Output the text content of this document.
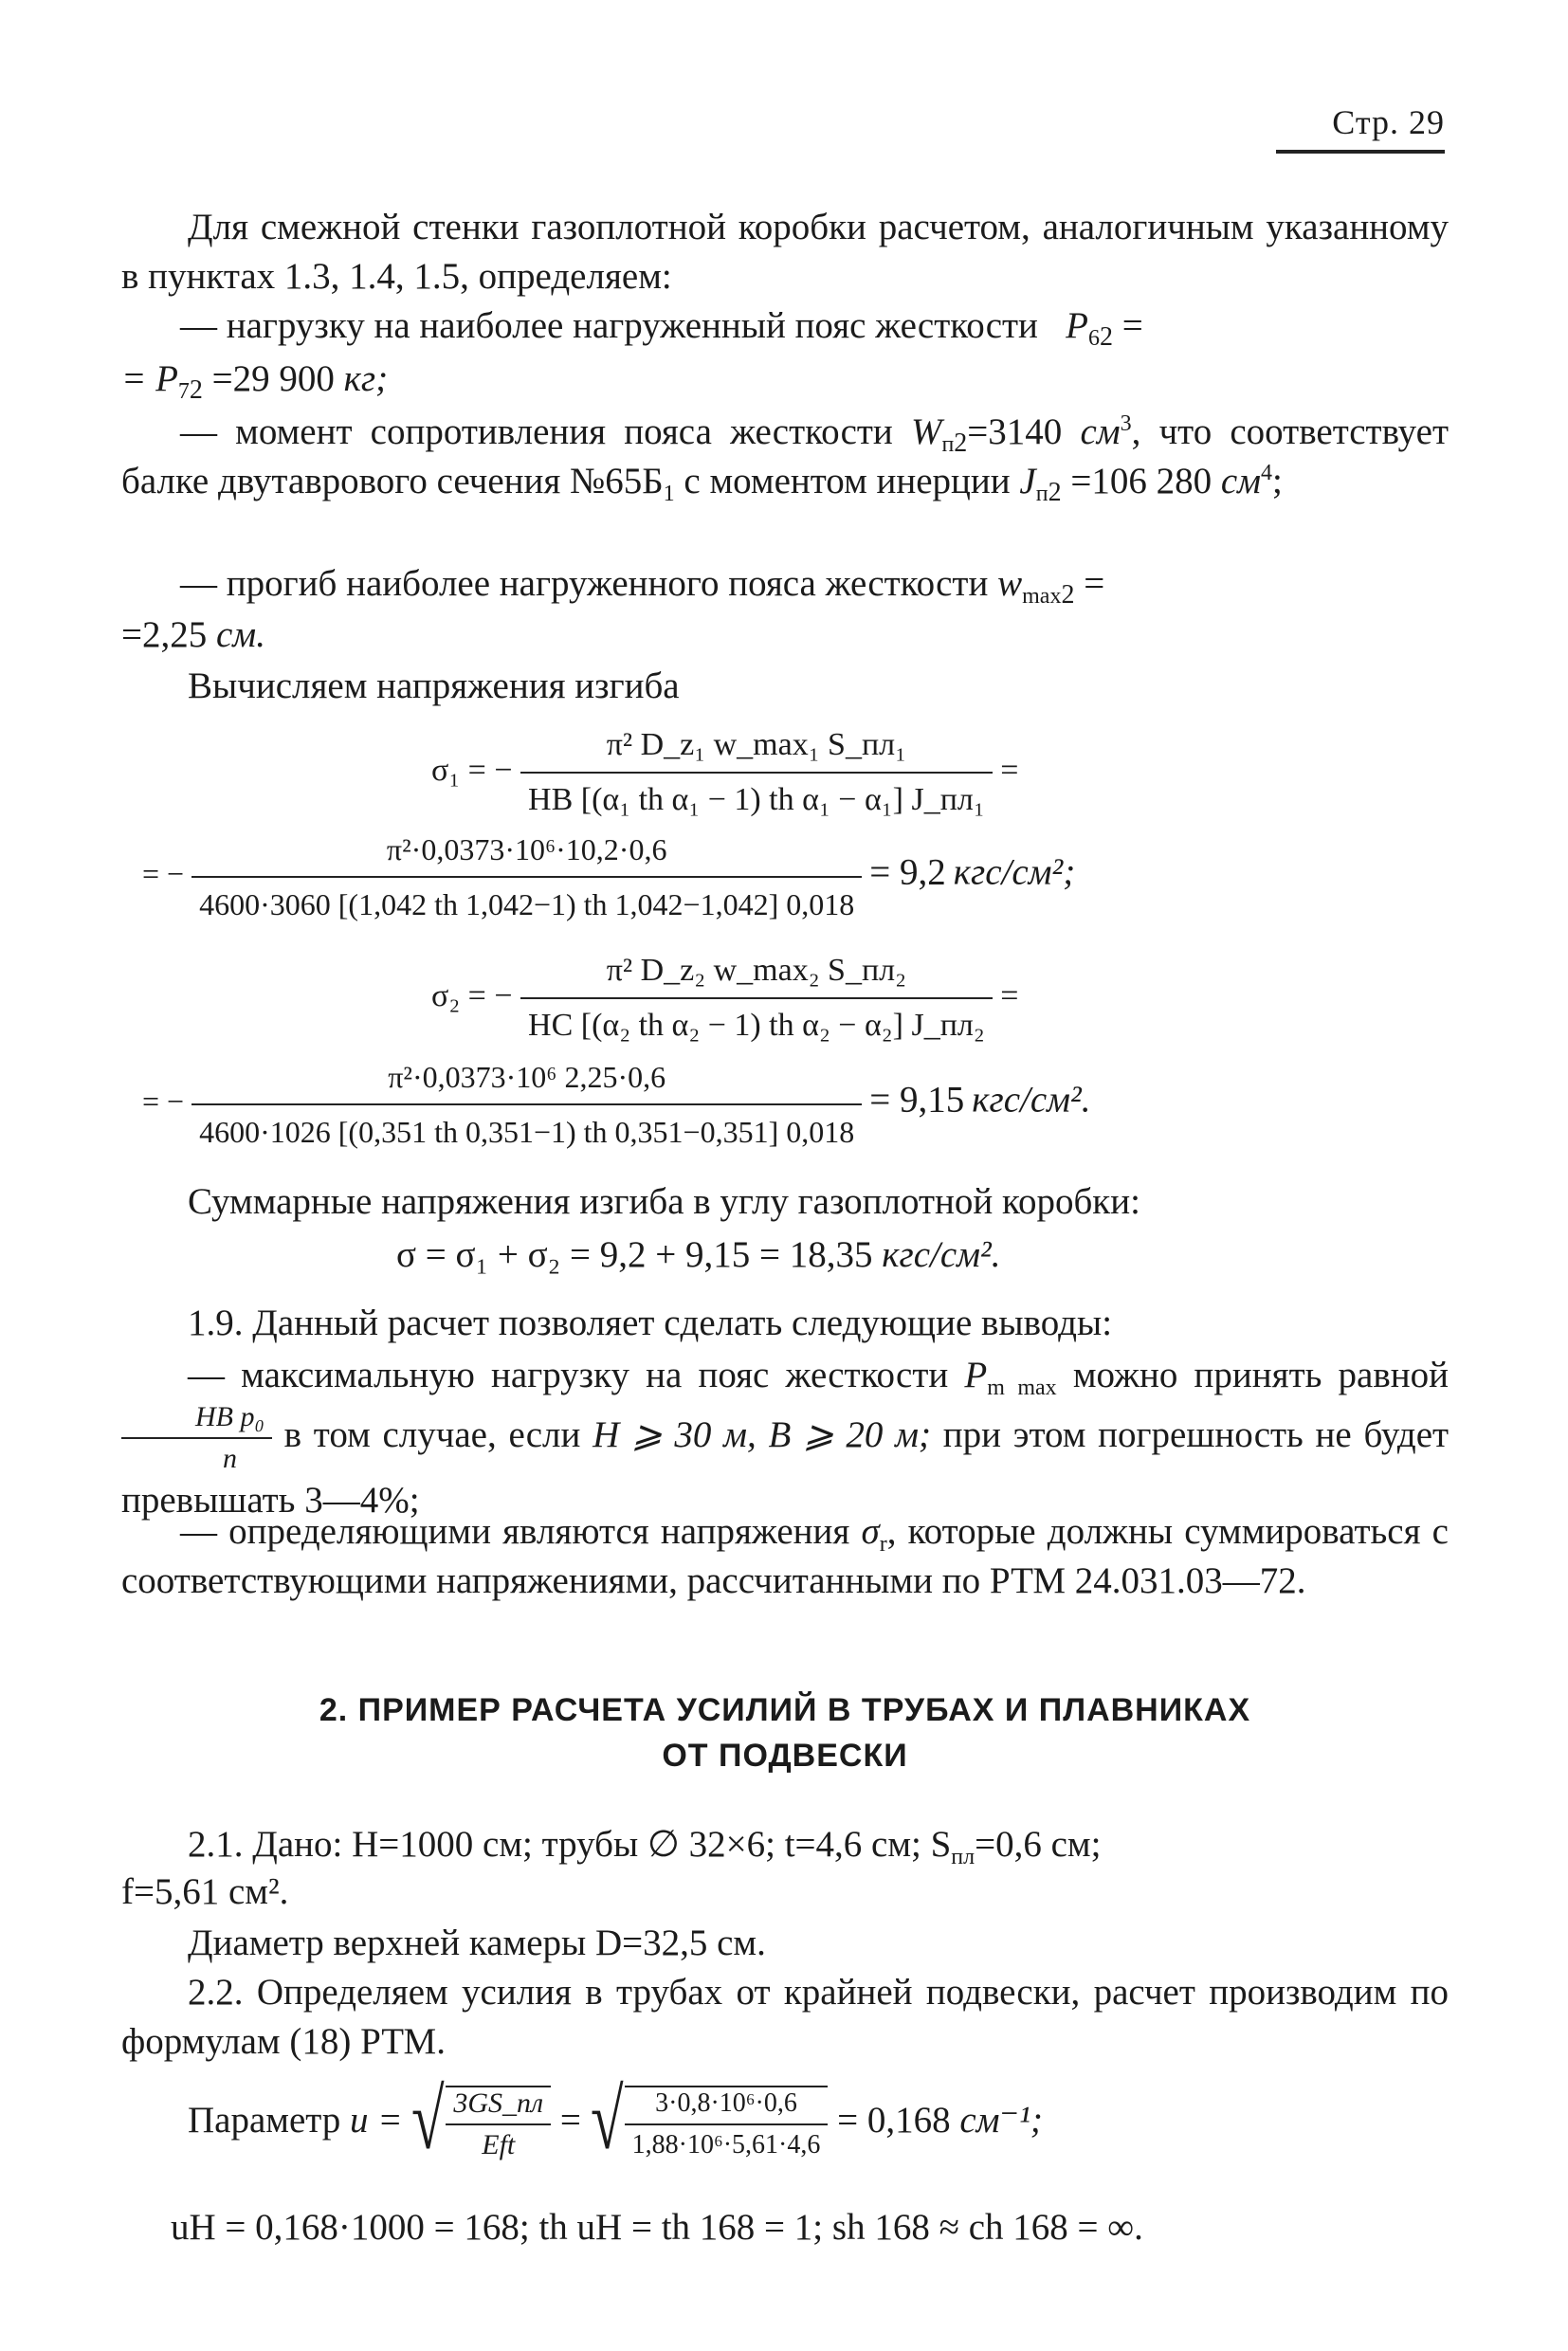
Стр. 29
Для смежной стенки газоплотной коробки расчетом, аналогичным указанному в пунктах 1.3, 1.4, 1.5, определяем:
— нагрузку на наиболее нагруженный пояс жесткости $P_{62}$ =
= $P_{72} =29$ 900 кг;
— момент сопротивления пояса жесткости $W_{п2}=3140$ $см^3$, что соответствует балке двутаврового сечения $№65Б_1$ с моментом инерции $J_{п2} =106$ 280 $см^4$;
— прогиб наиболее нагруженного пояса жесткости $w_{max2}$ =
=2,25 см.
Вычисляем напряжения изгиба
σ₁ = − $\frac{\text{π² D\_z₁ w\_max₁ S\_пл₁}}{\text{HB [(α₁ th α₁ − 1) th α₁ − α₁] J\_пл₁}}$ =
= − $\frac{\text{π²·0,0373·10⁶·10,2·0,6}}{4600\cdot 3060 [(1,042 th 1,042-1) th 1,042-1,042] 0,018} = 9,2$ кгс/см²;
σ₂ = − $\frac{\text{π² D\_z₂ w\_max₂ S\_пл₂}}{\text{HC [(α₂ th α₂ − 1) th α₂ − α₂] J\_пл₂}}$ =
= − $\frac{\text{π²·0,0373·10⁶ 2,25·0,6}}{4600\cdot 1026 [(0,351 th 0,351-1) th 0,351-0,351] 0,018} = 9,15$ кгс/см².
Суммарные напряжения изгиба в углу газоплотной коробки:
σ = σ₁ + σ₂ = 9,2 + 9,15 = 18,35 кгс/см².
1.9. Данный расчет позволяет сделать следующие выводы:
— максимальную нагрузку на пояс жесткости $P_{m max}$ можно принять равной
$\frac{\text{HB p₀}}{n}$ в том случае, если H ⩾ 30 м, B ⩾ 20 м; при этом погрешность не будет превышать 3—4%;
— определяющими являются напряжения $\sigma_r$, которые должны суммироваться с соответствующими напряжениями, рассчитанными по РТМ 24.031.03—72.
2. ПРИМЕР РАСЧЕТА УСИЛИЙ В ТРУБАХ И ПЛАВНИКАХ
ОТ ПОДВЕСКИ
2.1. Дано: H=1000 см; трубы ∅ 32×6; t=4,6 см; $S_{пл}=0,6$ см;
f=5,61 см².
Диаметр верхней камеры D=32,5 см.
2.2. Определяем усилия в трубах от крайней подвески, расчет производим по формулам (18) РТМ.
Параметр u = √ $\frac{3GS\_пл}{\text{Eft}}$ = √ $\frac{\text{3·0,8·10⁶·0,6}}{\text{1,88·10⁶·5,61·4,6}} = 0,168$ см⁻¹;
uH = 0,168·1000 = 168; th uH = th 168 = 1; sh 168 ≈ ch 168 = ∞.
